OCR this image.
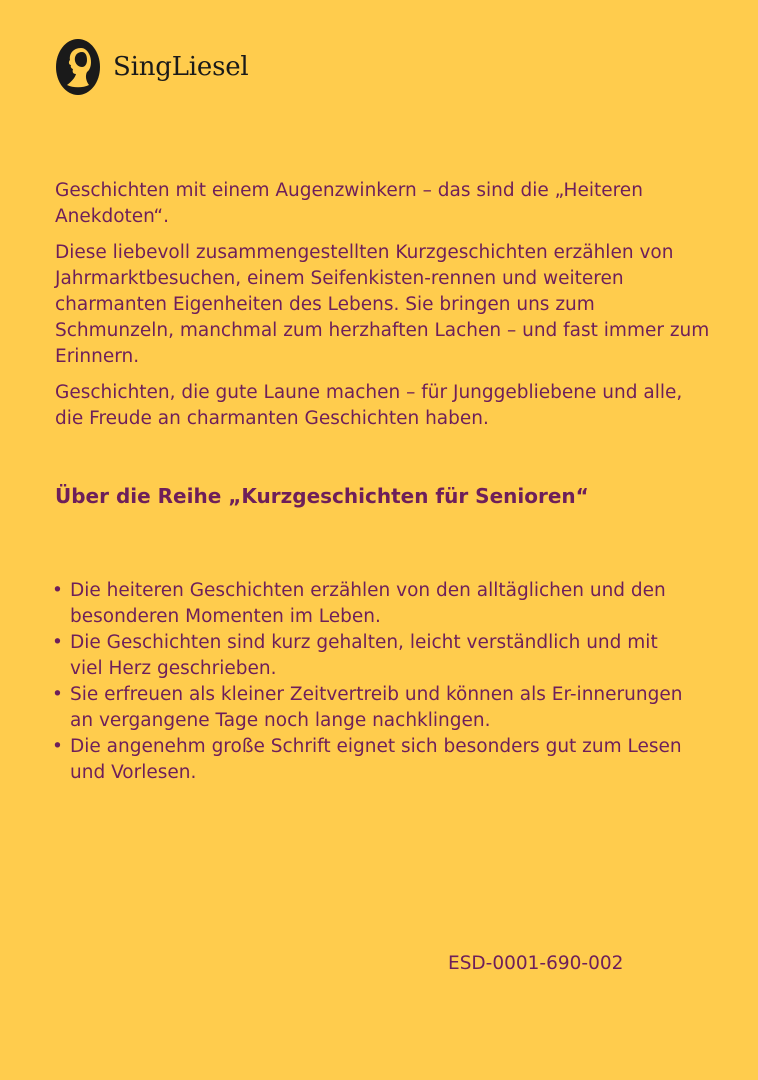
SingLiesel

Geschichten mit einem Augenzwinkern – das sind die „Heiteren Anekdoten“.

Diese liebevoll zusammengestellten Kurzgeschichten erzählen von Jahrmarktbesuchen, einem Seifenkisten-rennen und weiteren charmanten Eigenheiten des Lebens. Sie bringen uns zum Schmunzeln, manchmal zum herzhaften Lachen – und fast immer zum Erinnern.

Geschichten, die gute Laune machen – für Junggebliebene und alle, die Freude an charmanten Geschichten haben.

Über die Reihe „Kurzgeschichten für Senioren“
• Die heiteren Geschichten erzählen von den alltäglichen und den besonderen Momenten im Leben.
• Die Geschichten sind kurz gehalten, leicht verständlich und mit viel Herz geschrieben.
• Sie erfreuen als kleiner Zeitvertreib und können als Er-innerungen an vergangene Tage noch lange nachklingen.
• Die angenehm große Schrift eignet sich besonders gut zum Lesen und Vorlesen.
ESD-0001-690-002
